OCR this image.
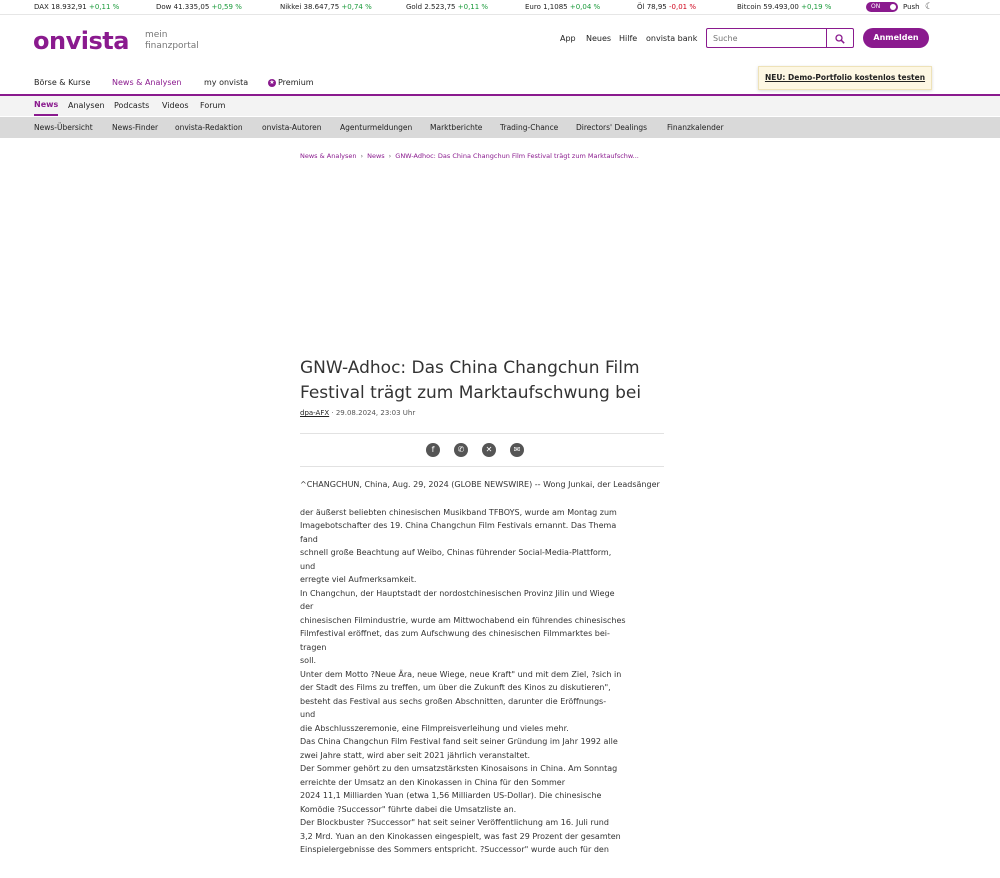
DAX 18.932,91 +0,11 %	Dow 41.335,05 +0,59 %	Nikkei 38.647,75 +0,74 %	Gold 2.523,75 +0,11 %	Euro 1,1085 +0,04 %	Öl 78,95 -0,01 %	Bitcoin 59.493,00 +0,19 %	ON	Push ☾
onvista mein finanzportal
App Neues Hilfe onvista bank
Suche	Anmelden
Börse & Kurse	News & Analysen	my onvista	★ Premium
NEU: Demo-Portfolio kostenlos testen
News Analysen Podcasts Videos Forum
News-Übersicht	News-Finder onvista-Redaktion	onvista-Autoren Agenturmeldungen Marktberichte Trading-Chance Directors' Dealings	Finanzkalender
News & Analysen › News › GNW-Adhoc: Das China Changchun Film Festival trägt zum Marktaufschw...
GNW-Adhoc: Das China Changchun Film Festival trägt zum Marktaufschwung bei
dpa-AFX · 29.08.2024, 23:03 Uhr
f	✆	✕	✉

^CHANGCHUN, China, Aug. 29, 2024 (GLOBE NEWSWIRE) -- Wong Junkai, der Leadsänger

der äußerst beliebten chinesischen Musikband TFBOYS, wurde am Montag zum

Imagebotschafter des 19. China Changchun Film Festivals ernannt. Das Thema

fand

schnell große Beachtung auf Weibo, Chinas führender Social-Media-Plattform,

und

erregte viel Aufmerksamkeit.

In Changchun, der Hauptstadt der nordostchinesischen Provinz Jilin und Wiege

der

chinesischen Filmindustrie, wurde am Mittwochabend ein führendes chinesisches

Filmfestival eröffnet, das zum Aufschwung des chinesischen Filmmarktes bei-

tragen

soll.

Unter dem Motto ?Neue Ära, neue Wiege, neue Kraft" und mit dem Ziel, ?sich in

der Stadt des Films zu treffen, um über die Zukunft des Kinos zu diskutieren",

besteht das Festival aus sechs großen Abschnitten, darunter die Eröffnungs-

und

die Abschlusszeremonie, eine Filmpreisverleihung und vieles mehr.

Das China Changchun Film Festival fand seit seiner Gründung im Jahr 1992 alle

zwei Jahre statt, wird aber seit 2021 jährlich veranstaltet.

Der Sommer gehört zu den umsatzstärksten Kinosaisons in China. Am Sonntag

erreichte der Umsatz an den Kinokassen in China für den Sommer

2024 11,1 Milliarden Yuan (etwa 1,56 Milliarden US-Dollar). Die chinesische

Komödie ?Successor" führte dabei die Umsatzliste an.

Der Blockbuster ?Successor" hat seit seiner Veröffentlichung am 16. Juli rund

3,2 Mrd. Yuan an den Kinokassen eingespielt, was fast 29 Prozent der gesamten

Einspielergebnisse des Sommers entspricht. ?Successor" wurde auch für den
